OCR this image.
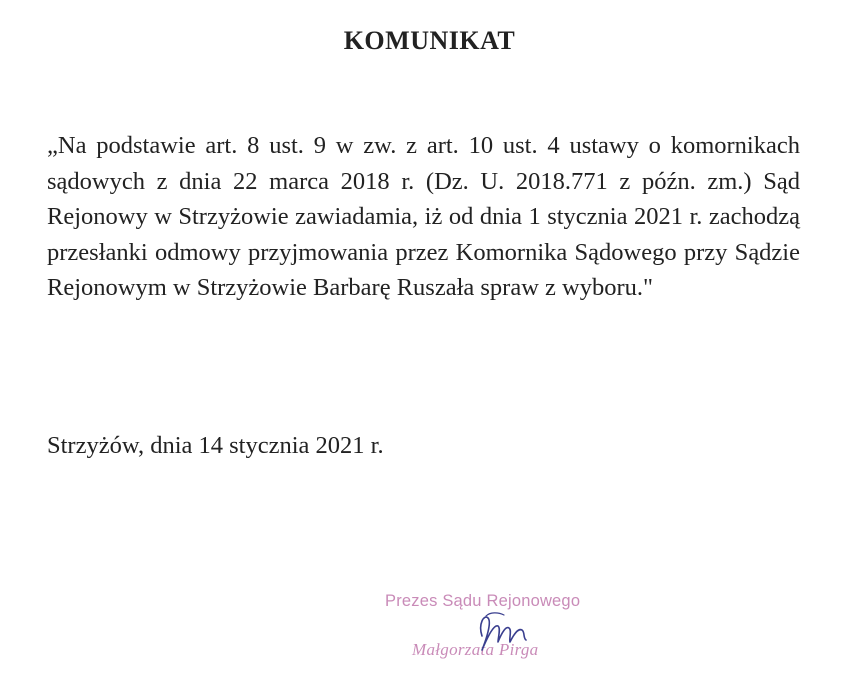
KOMUNIKAT
„Na podstawie art. 8 ust. 9 w zw. z art. 10 ust. 4 ustawy o komornikach sądowych z dnia 22 marca 2018 r. (Dz. U. 2018.771 z późn. zm.) Sąd Rejonowy w Strzyżowie zawiadamia, iż od dnia 1 stycznia 2021 r. zachodzą przesłanki odmowy przyjmowania przez Komornika Sądowego przy Sądzie Rejonowym w Strzyżowie Barbarę Ruszała spraw z wyboru."
Strzyżów, dnia 14 stycznia 2021 r.
Prezes Sądu Rejonowego
Małgorzata Pirga
